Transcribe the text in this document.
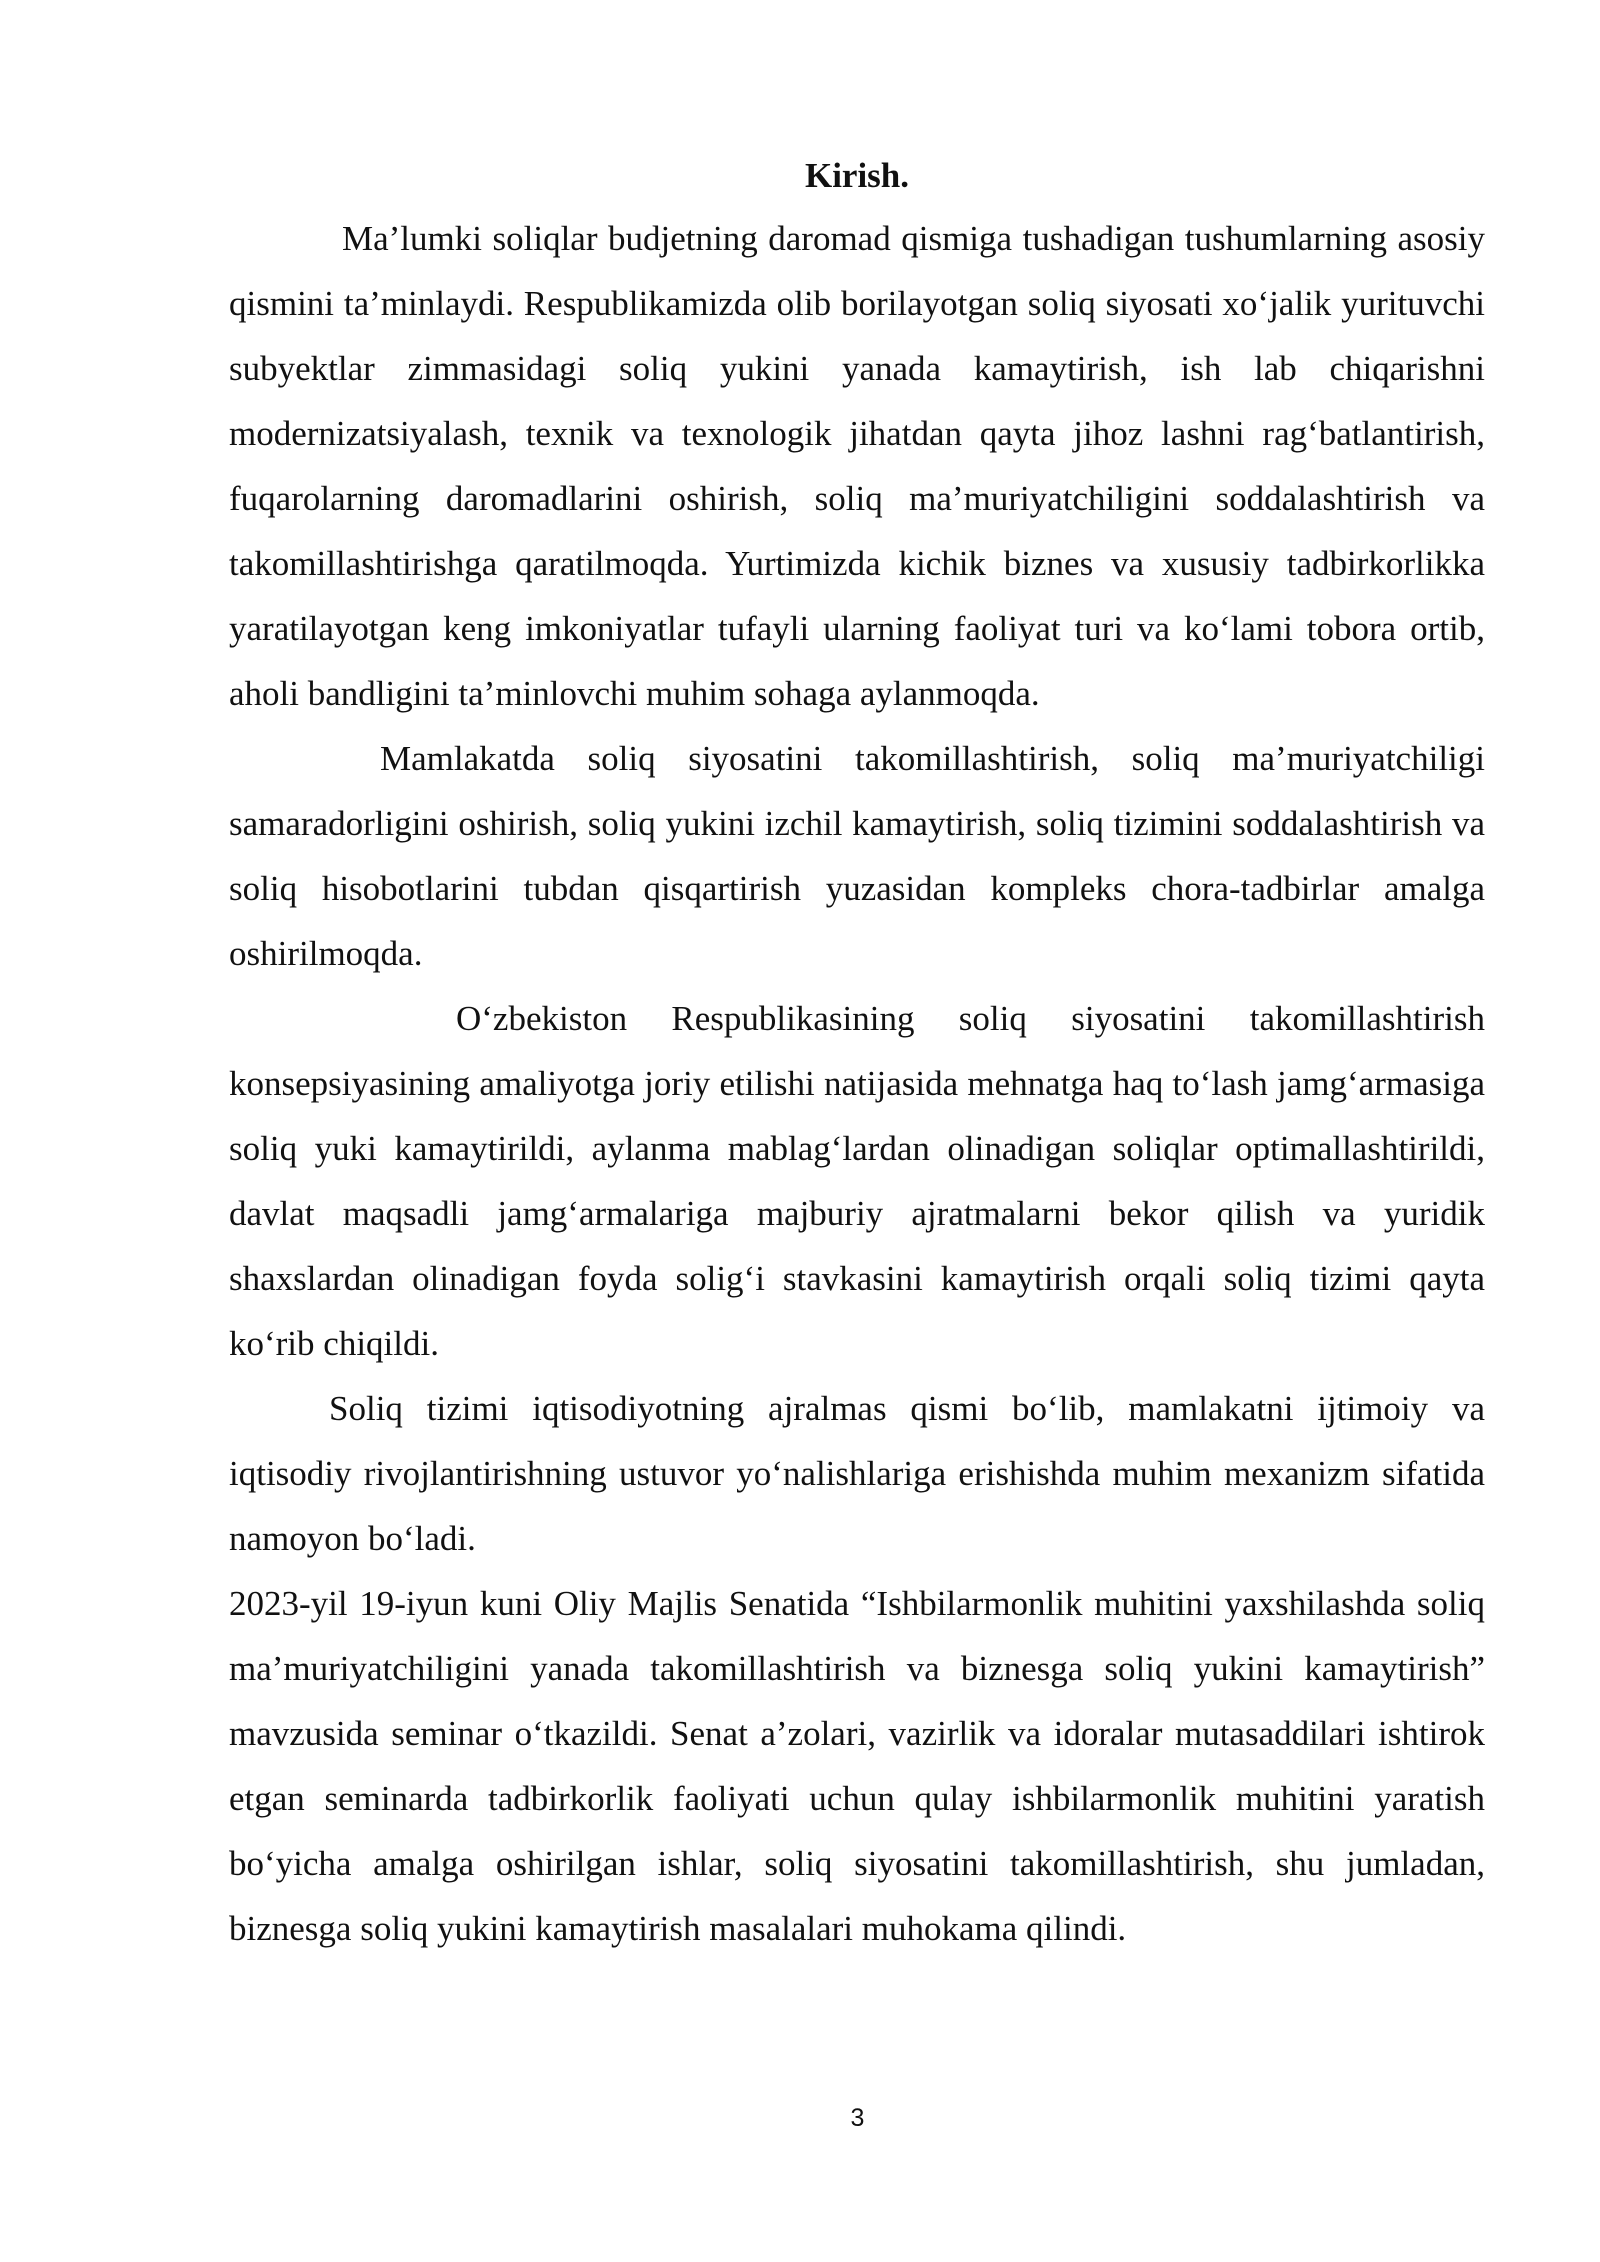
Kirish.

Ma’lumki soliqlar budjetning daromad qismiga tushadigan tushumlarning asosiy qismini ta’minlaydi. Respublikamizda olib borilayotgan soliq siyosati xo‘jalik yurituvchi subyektlar zimmasidagi soliq yukini yanada kamaytirish, ish lab chiqarishni modernizatsiyalash, texnik va texnologik jihatdan qayta jihoz lashni rag‘batlantirish, fuqarolarning daromadlarini oshirish, soliq ma’muriyatchiligini soddalashtirish va takomillashtirishga qaratilmoqda. Yurtimizda kichik biznes va xususiy tadbirkorlikka yaratilayotgan keng imkoniyatlar tufayli ularning faoliyat turi va ko‘lami tobora ortib, aholi bandligini ta’minlovchi muhim sohaga aylanmoqda.

Mamlakatda soliq siyosatini takomillashtirish, soliq ma’muriyatchiligi samaradorligini oshirish, soliq yukini izchil kamaytirish, soliq tizimini soddalashtirish va soliq hisobotlarini tubdan qisqartirish yuzasidan kompleks chora-tadbirlar amalga oshirilmoqda.

O‘zbekiston Respublikasining soliq siyosatini takomillashtirish konsepsiyasining amaliyotga joriy etilishi natijasida mehnatga haq to‘lash jamg‘armasiga soliq yuki kamaytirildi, aylanma mablag‘lardan olinadigan soliqlar optimallashtirildi, davlat maqsadli jamg‘armalariga majburiy ajratmalarni bekor qilish va yuridik shaxslardan olinadigan foyda solig‘i stavkasini kamaytirish orqali soliq tizimi qayta ko‘rib chiqildi.

Soliq tizimi iqtisodiyotning ajralmas qismi bo‘lib, mamlakatni ijtimoiy va iqtisodiy rivojlantirishning ustuvor yo‘nalishlariga erishishda muhim mexanizm sifatida namoyon bo‘ladi.

2023-yil 19-iyun kuni Oliy Majlis Senatida “Ishbilarmonlik muhitini yaxshilashda soliq ma’muriyatchiligini yanada takomillashtirish va biznesga soliq yukini kamaytirish” mavzusida seminar o‘tkazildi. Senat a’zolari, vazirlik va idoralar mutasaddilari ishtirok etgan seminarda tadbirkorlik faoliyati uchun qulay ishbilarmonlik muhitini yaratish bo‘yicha amalga oshirilgan ishlar, soliq siyosatini takomillashtirish, shu jumladan, biznesga soliq yukini kamaytirish masalalari muhokama qilindi.

3
